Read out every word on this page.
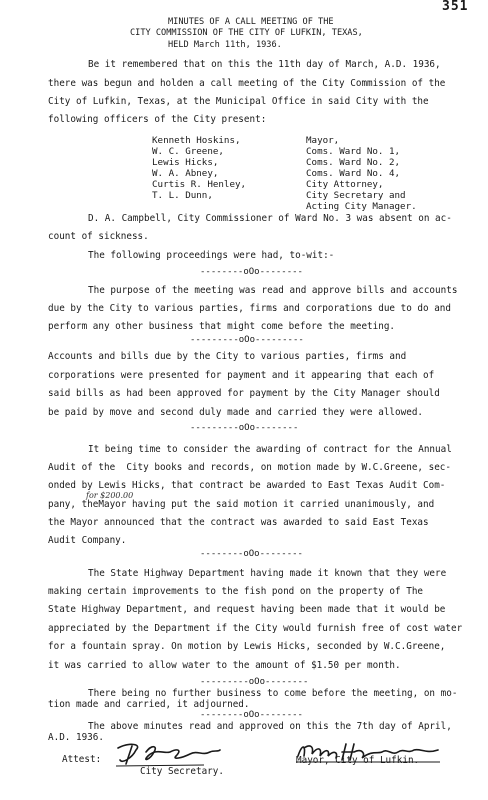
351
MINUTES OF A CALL MEETING OF THE
CITY COMMISSION OF THE CITY OF LUFKIN, TEXAS,
HELD March 11th, 1936.
Be it remembered that on this the 11th day of March, A.D. 1936,
there was begun and holden a call meeting of the City Commission of the
City of Lufkin, Texas, at the Municipal Office in said City with the
following officers of the City present:
Kenneth Hoskins,
W. C. Greene,
Lewis Hicks,
W. A. Abney,
Curtis R. Henley,
T. L. Dunn,
Mayor,
Coms. Ward No. 1,
Coms. Ward No. 2,
Coms. Ward No. 4,
City Attorney,
City Secretary and
Acting City Manager.
D. A. Campbell, City Commissioner of Ward No. 3 was absent on ac-
count of sickness.
The following proceedings were had, to-wit:-
--------oOo--------
The purpose of the meeting was read and approve bills and accounts
due by the City to various parties, firms and corporations due to do and
perform any other business that might come before the meeting.
---------oOo---------
Accounts and bills due by the City to various parties, firms and
corporations were presented for payment and it appearing that each of
said bills as had been approved for payment by the City Manager should
be paid by move and second duly made and carried they were allowed.
---------oOo--------
It being time to consider the awarding of contract for the Annual
Audit of the  City books and records, on motion made by W.C.Greene, sec-
onded by Lewis Hicks, that contract be awarded to East Texas Audit Com-
for $200.00
pany, theMayor having put the said motion it carried unanimously, and
the Mayor announced that the contract was awarded to said East Texas
Audit Company.
--------oOo--------
The State Highway Department having made it known that they were
making certain improvements to the fish pond on the property of The
State Highway Department, and request having been made that it would be
appreciated by the Department if the City would furnish free of cost water
for a fountain spray. On motion by Lewis Hicks, seconded by W.C.Greene,
it was carried to allow water to the amount of $1.50 per month.
---------oOo--------
There being no further business to come before the meeting, on mo-
tion made and carried, it adjourned.
--------oOo--------
The above minutes read and approved on this the 7th day of April,
A.D. 1936.
Attest:
City Secretary.
Mayor, City of Lufkin.
